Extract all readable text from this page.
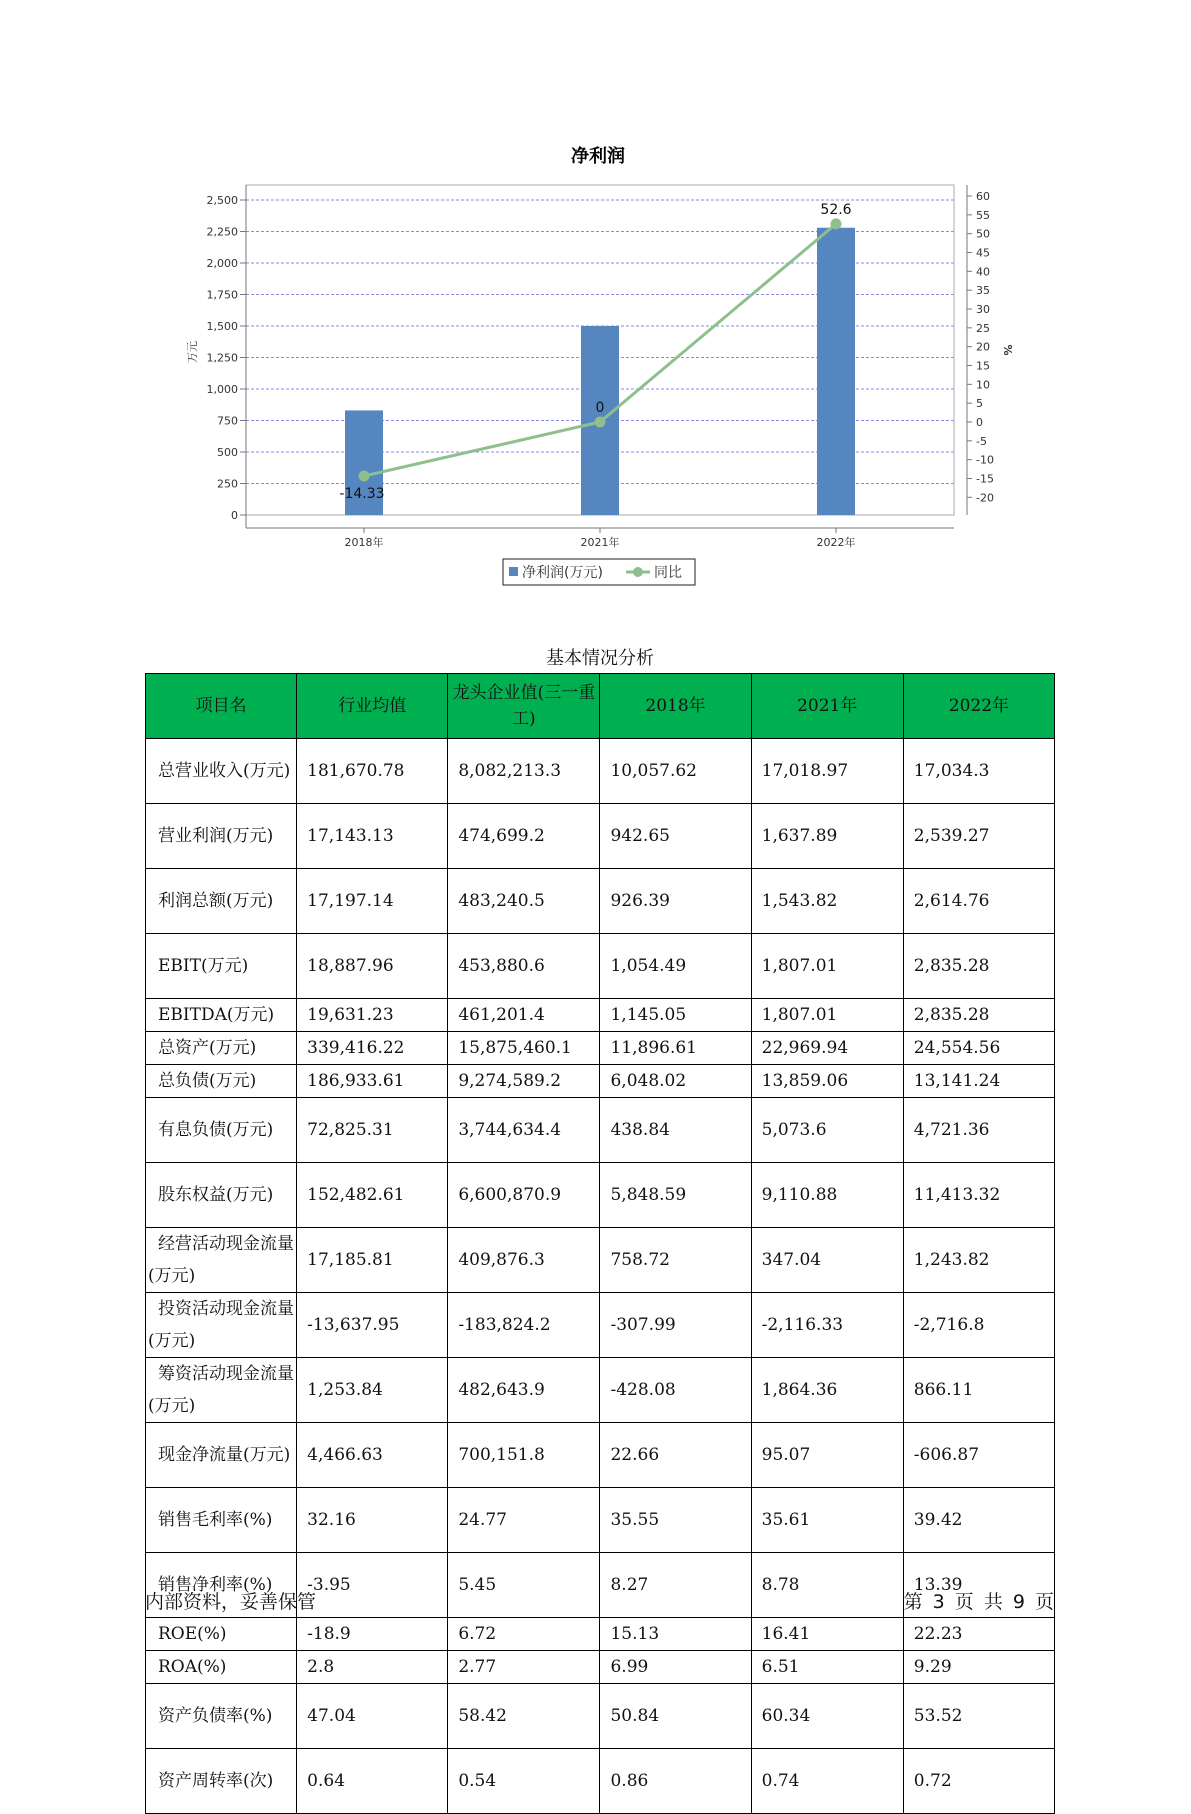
净利润
0
250
500
750
1,000
1,250
1,500
1,750
2,000
2,250
2,500	60
55
50
45
40
35
30
25
20
15
10
5
0
-5
-10
-15
-20
万元	%
-14.33
0
52.6
2018年	2021年	2022年
净利润(万元)	同比
基本情况分析
项目名	行业均值	龙头企业值(三一重工)	2018年	2021年	2022年
总营业收入(万元)	181,670.78	8,082,213.3	10,057.62	17,018.97	17,034.3
营业利润(万元)	17,143.13	474,699.2	942.65	1,637.89	2,539.27
利润总额(万元)	17,197.14	483,240.5	926.39	1,543.82	2,614.76
EBIT(万元)	18,887.96	453,880.6	1,054.49	1,807.01	2,835.28
EBITDA(万元)	19,631.23	461,201.4	1,145.05	1,807.01	2,835.28
总资产(万元)	339,416.22	15,875,460.1	11,896.61	22,969.94	24,554.56
总负债(万元)	186,933.61	9,274,589.2	6,048.02	13,859.06	13,141.24
有息负债(万元)	72,825.31	3,744,634.4	438.84	5,073.6	4,721.36
股东权益(万元)	152,482.61	6,600,870.9	5,848.59	9,110.88	11,413.32
经营活动现金流量(万元)	17,185.81	409,876.3	758.72	347.04	1,243.82
投资活动现金流量(万元)	-13,637.95	-183,824.2	-307.99	-2,116.33	-2,716.8
筹资活动现金流量(万元)	1,253.84	482,643.9	-428.08	1,864.36	866.11
现金净流量(万元)	4,466.63	700,151.8	22.66	95.07	-606.87
销售毛利率(%)	32.16	24.77	35.55	35.61	39.42
销售净利率(%)	-3.95	5.45	8.27	8.78	13.39
ROE(%)	-18.9	6.72	15.13	16.41	22.23
ROA(%)	2.8	2.77	6.99	6.51	9.29
资产负债率(%)	47.04	58.42	50.84	60.34	53.52
资产周转率(次)	0.64	0.54	0.86	0.74	0.72
内部资料，妥善保管	第 3 页 共 9 页
